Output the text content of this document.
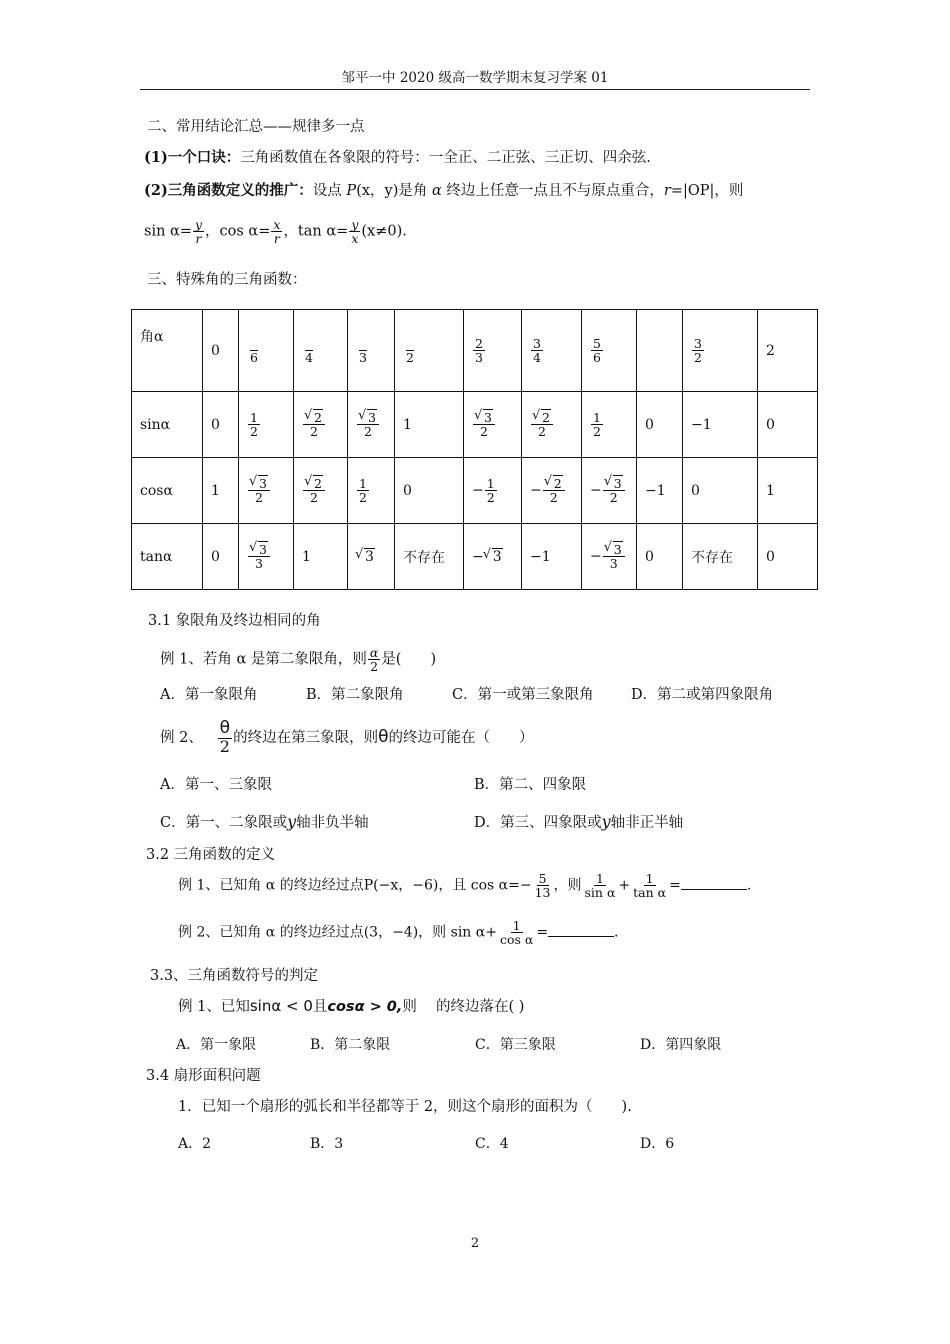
邹平一中 2020 级高一数学期末复习学案 01
二、常用结论汇总——规律多一点
(1)一个口诀：三角函数值在各象限的符号：一全正、二正弦、三正切、四余弦.
(2)三角函数定义的推广：设点 P(x，y)是角 α 终边上任意一点且不与原点重合，r=|OP|，则
$\sin \alpha= \frac{y}{r}$ ，$\cos \alpha= \frac{x}{r}$ ，$\tan \alpha= \frac{y}{x} (x\ne 0)$.
三、特殊角的三角函数：
角α	0	6	4	3	2	$\frac{2}{3}$	$\frac{3}{4}$	$\frac{5}{6}$		$\frac{3}{2}$	2
sinα	0	$\frac{1}{2}$	√ $\frac{2}{2}$	√ $\frac{3}{2}$	1	√ $\frac{3}{2}$	√ $\frac{2}{2}$	$\frac{1}{2}$	0	−1	0
cosα	1	√ $\frac{3}{2}$	√ $\frac{2}{2}$	$\frac{1}{2}$	0	− $\frac{1}{2}$	− √ $\frac{2}{2}$	− √ $\frac{3}{2}$	−1	0	1
tanα	0	√ $\frac{3}{3}$	1	√ 3	不存在	− √ 3	−1	− √ $\frac{3}{3}$	0	不存在	0
3.1 象限角及终边相同的角
例 1、若角 α 是第二象限角，则 $\frac{\alpha}{2}$ 是(　　)
A．第一象限角	B．第二象限角	C．第一或第三象限角	D．第二或第四象限角
例 2、 $\frac{\theta}{2}$ 的终边在第三象限，则θ的终边可能在（　　）
A．第一、三象限	B．第二、四象限
C．第一、二象限或y轴非负半轴	D．第三、四象限或y轴非正半轴
3.2 三角函数的定义
例 1、已知角 α 的终边经过点P(−x，−6)，且 $\cos \alpha=- \frac{5}{13}$ ，则 $\frac{1}{\text{sin α}} + \frac{1}{\text{tan α}}$ =	.
例 2、已知角 α 的终边经过点(3，−4)，则 $\sin \alpha+ \frac{1}{\text{cos α}}$ =	.
3.3、三角函数符号的判定
例 1、已知sinα < 0且cosα > 0,则　 的终边落在( )
A．第一象限	B．第二象限	C．第三象限	D．第四象限
3.4 扇形面积问题
1．已知一个扇形的弧长和半径都等于 2，则这个扇形的面积为（　　).
A．2	B．3	C．4	D．6
2
